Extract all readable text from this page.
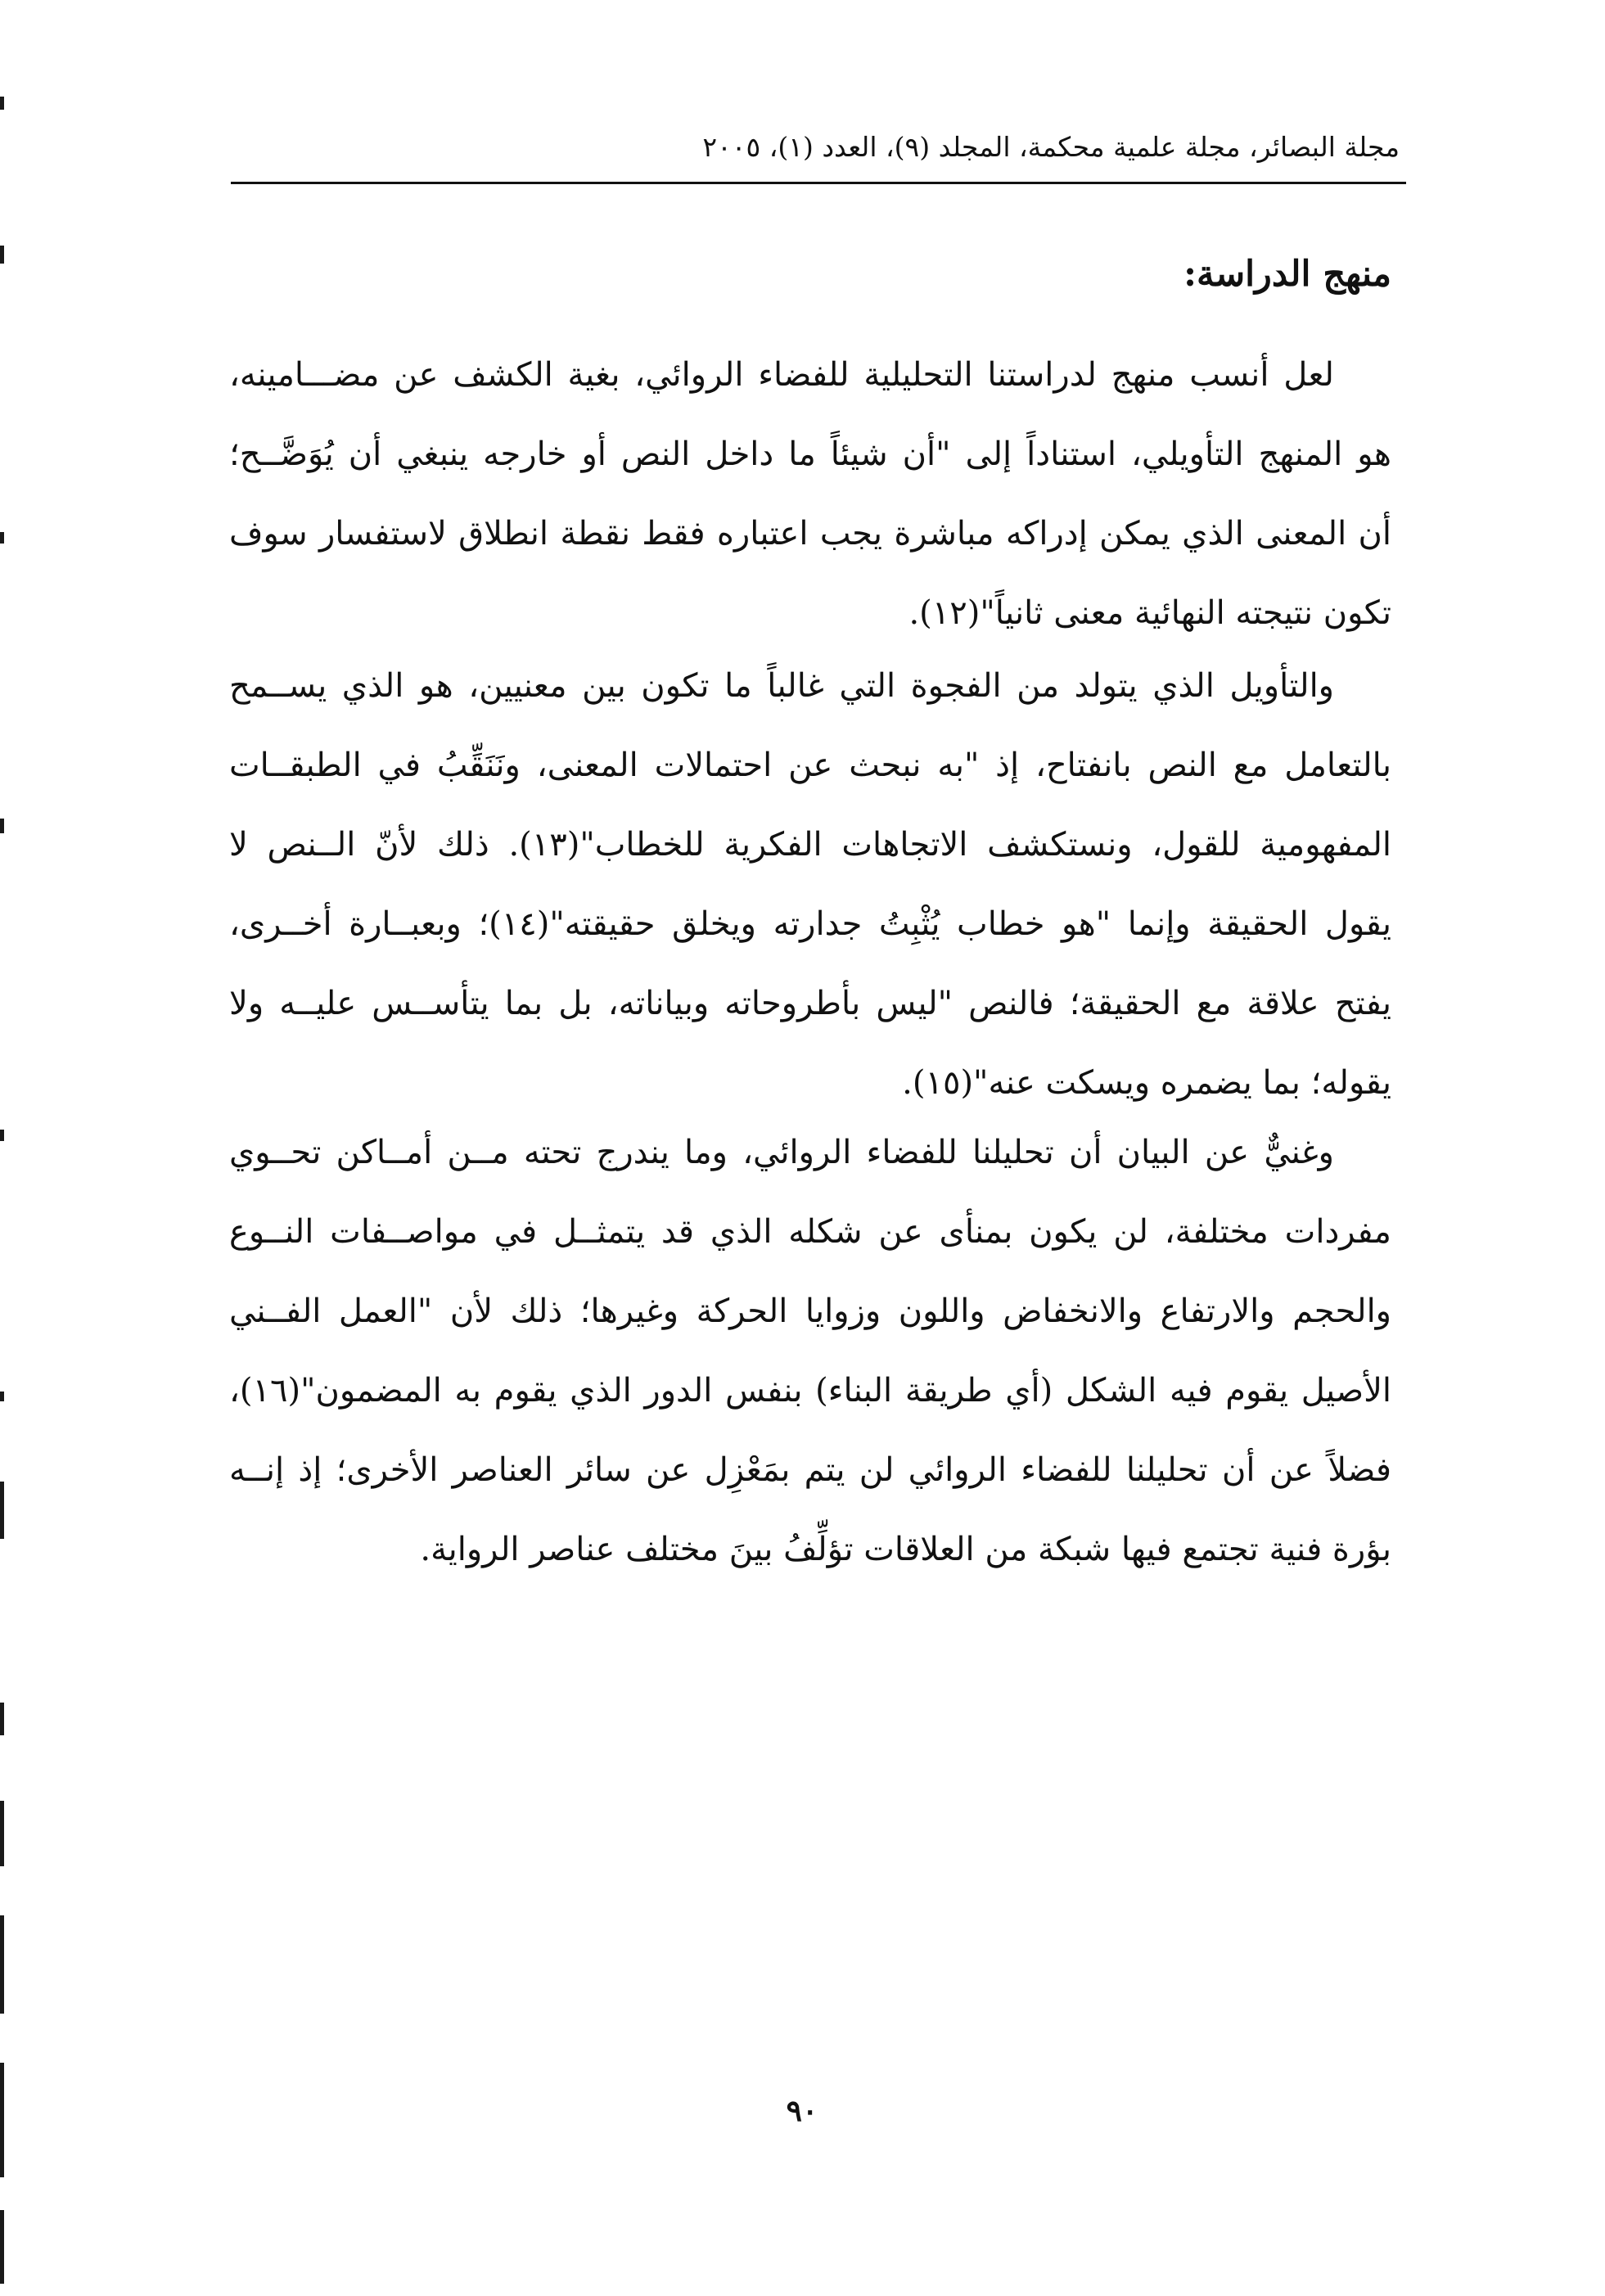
مجلة البصائر، مجلة علمية محكمة، المجلد (٩)، العدد (١)، ٢٠٠٥
منهج الدراسة:
لعل أنسب منهج لدراستنا التحليلية للفضاء الروائي، بغية الكشف عن مضـــامينه،
هو المنهج التأويلي، استناداً إلى "أن شيئاً ما داخل النص أو خارجه ينبغي أن يُوَضَّــح؛
أن المعنى الذي يمكن إدراكه مباشرة يجب اعتباره فقط نقطة انطلاق لاستفسار سوف
تكون نتيجته النهائية معنى ثانياً"(١٢).
والتأويل الذي يتولد من الفجوة التي غالباً ما تكون بين معنيين، هو الذي يســمح
بالتعامل مع النص بانفتاح، إذ "به نبحث عن احتمالات المعنى، ونَنَقِّبُ في الطبقــات
المفهومية للقول، ونستكشف الاتجاهات الفكرية للخطاب"(١٣). ذلك لأنّ الــنص لا
يقول الحقيقة وإنما "هو خطاب يُثْبِتُ جدارته ويخلق حقيقته"(١٤)؛ وبعبــارة أخــرى،
يفتح علاقة مع الحقيقة؛ فالنص "ليس بأطروحاته وبياناته، بل بما يتأســس عليــه ولا
يقوله؛ بما يضمره ويسكت عنه"(١٥).
وغنيٌّ عن البيان أن تحليلنا للفضاء الروائي، وما يندرج تحته مــن أمــاكن تحــوي
مفردات مختلفة، لن يكون بمنأى عن شكله الذي قد يتمثــل في مواصــفات النــوع
والحجم والارتفاع والانخفاض واللون وزوايا الحركة وغيرها؛ ذلك لأن "العمل الفــني
الأصيل يقوم فيه الشكل (أي طريقة البناء) بنفس الدور الذي يقوم به المضمون"(١٦)،
فضلاً عن أن تحليلنا للفضاء الروائي لن يتم بمَعْزِل عن سائر العناصر الأخرى؛ إذ إنــه
بؤرة فنية تجتمع فيها شبكة من العلاقات تؤلِّفُ بينَ مختلف عناصر الرواية.
٩٠
